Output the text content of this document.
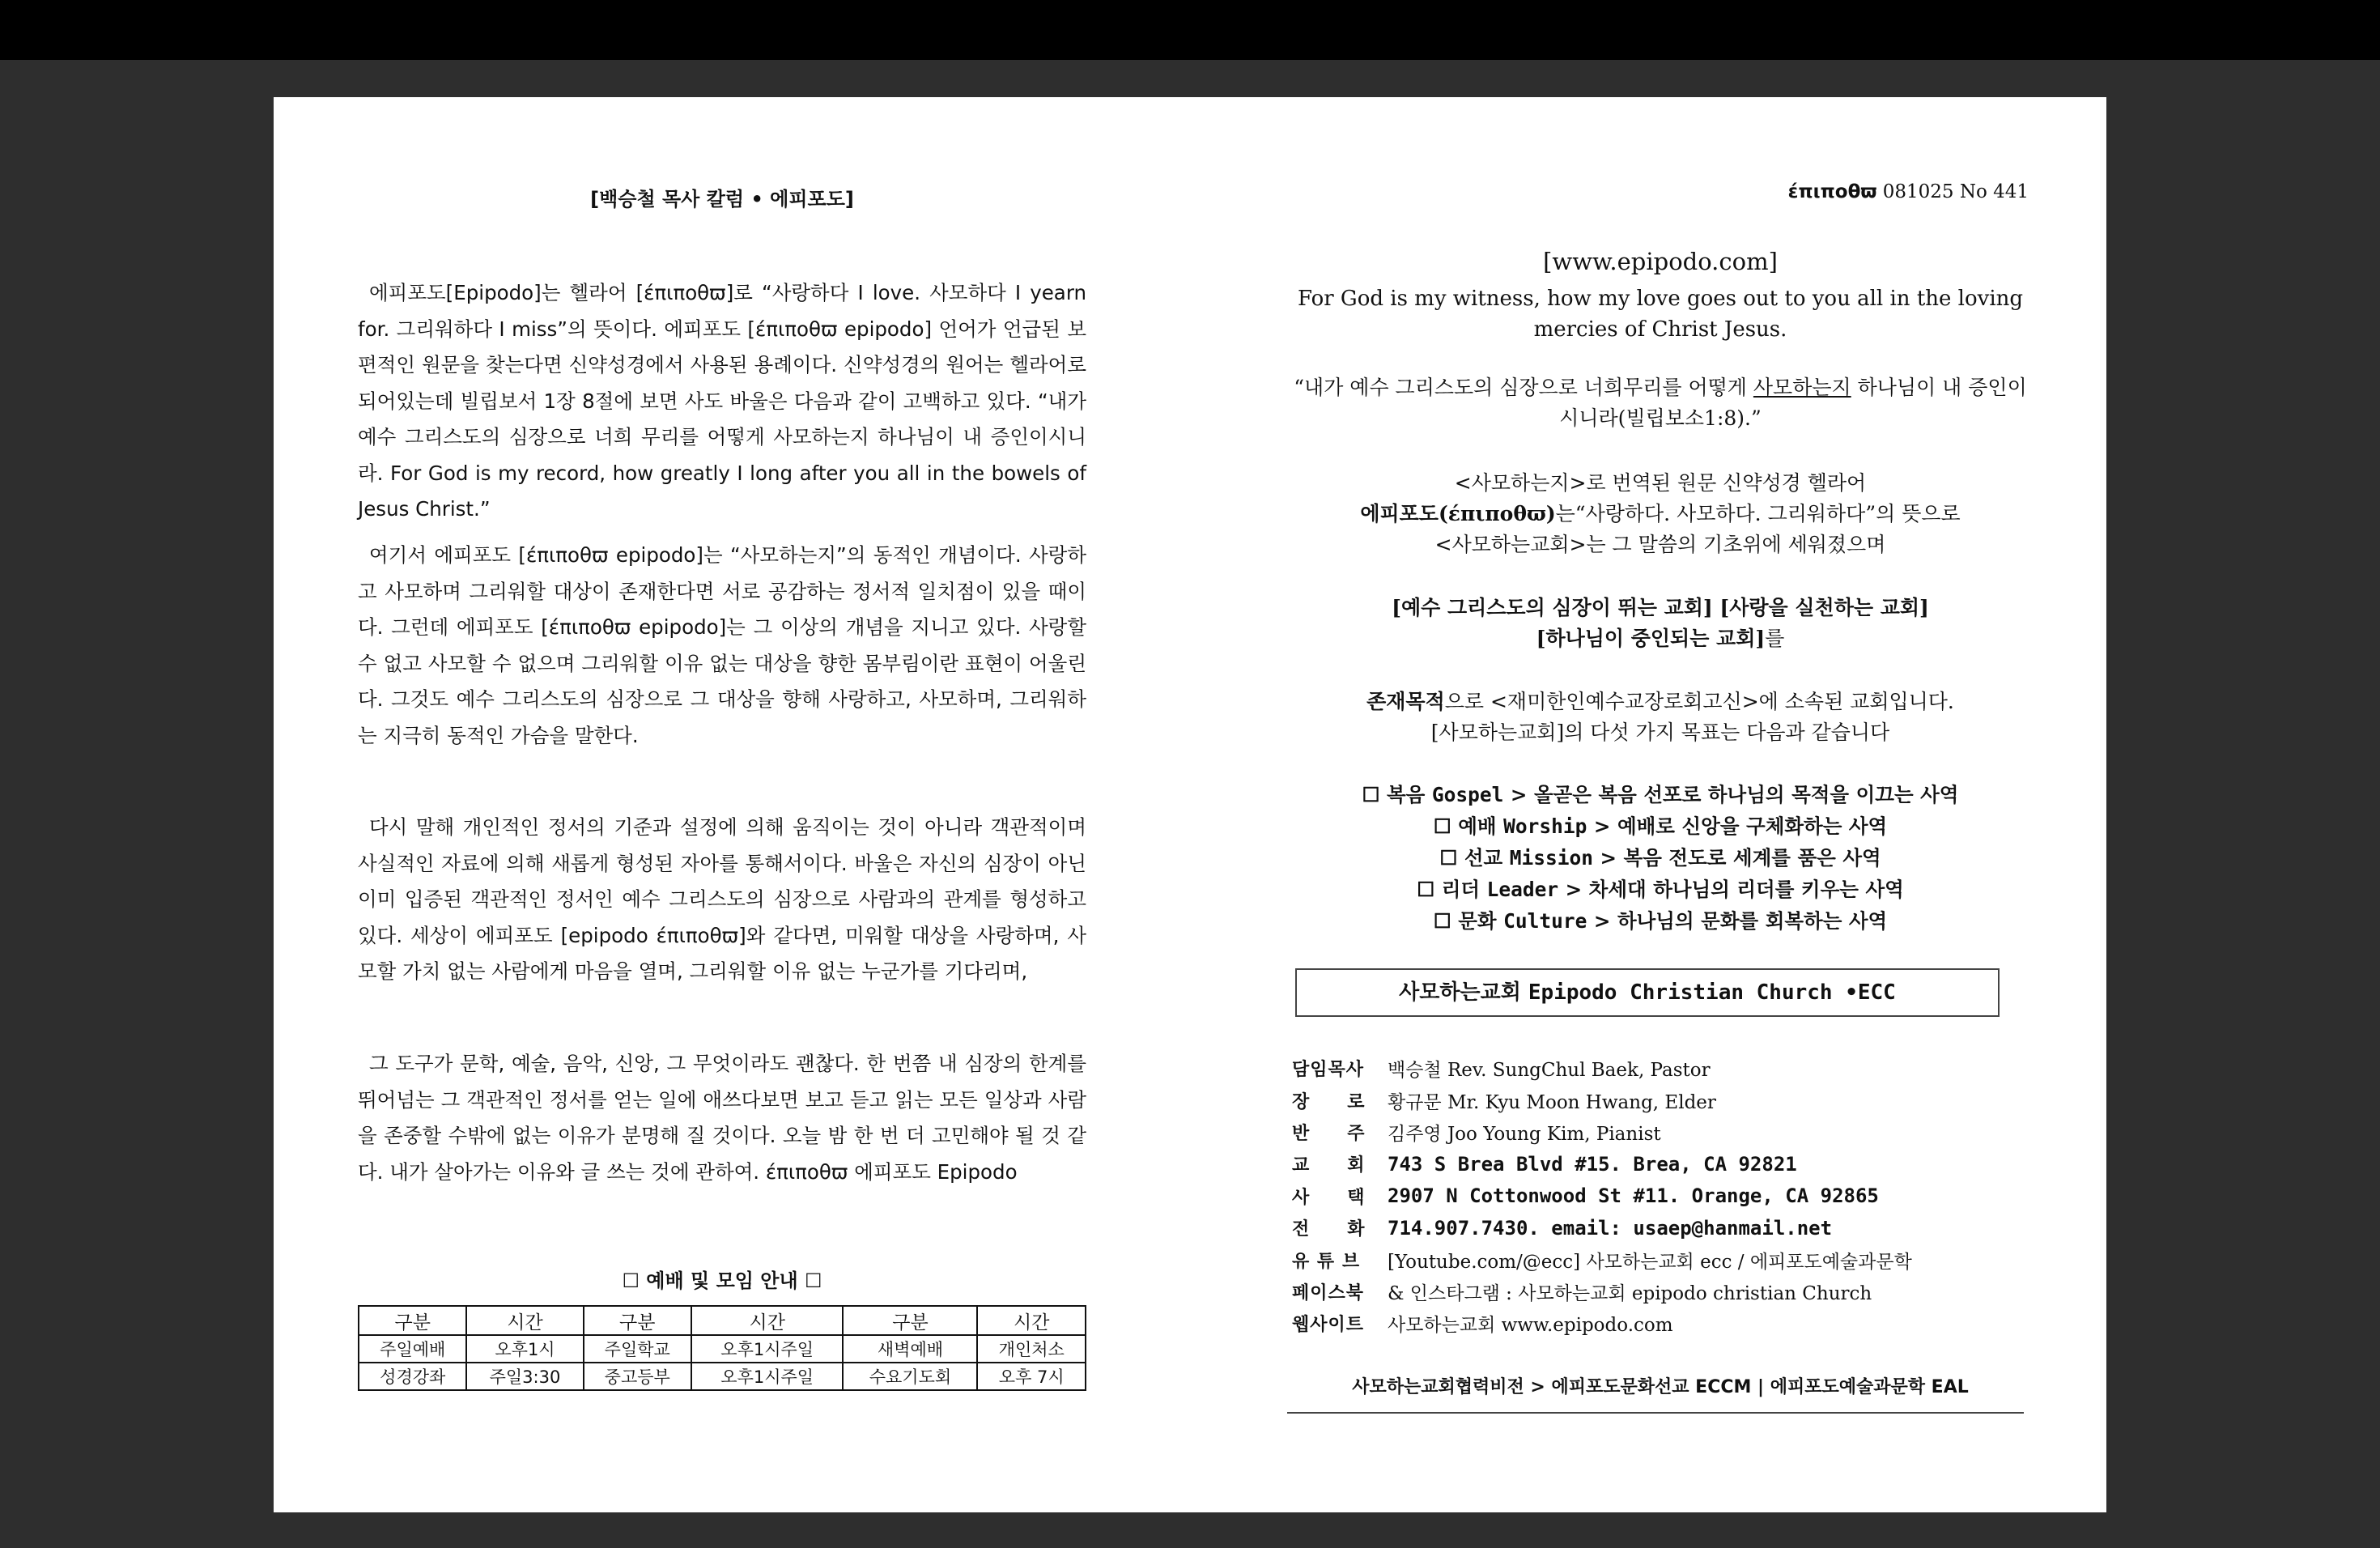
[백승철 목사 칼럼 • 에피포도]

에피포도[Epipodo]는 헬라어 [έπιποθϖ]로 “사랑하다 I love. 사모하다 I yearn for. 그리워하다 I miss”의 뜻이다. 에피포도 [έπιποθϖ epipodo] 언어가 언급된 보편적인 원문을 찾는다면 신약성경에서 사용된 용례이다. 신약성경의 원어는 헬라어로 되어있는데 빌립보서 1장 8절에 보면 사도 바울은 다음과 같이 고백하고 있다. “내가 예수 그리스도의 심장으로 너희 무리를 어떻게 사모하는지 하나님이 내 증인이시니라. For God is my record, how greatly I long after you all in the bowels of Jesus Christ.”

여기서 에피포도 [έπιποθϖ epipodo]는 “사모하는지”의 동적인 개념이다. 사랑하고 사모하며 그리워할 대상이 존재한다면 서로 공감하는 정서적 일치점이 있을 때이다. 그런데 에피포도 [έπιποθϖ epipodo]는 그 이상의 개념을 지니고 있다. 사랑할 수 없고 사모할 수 없으며 그리워할 이유 없는 대상을 향한 몸부림이란 표현이 어울린다. 그것도 예수 그리스도의 심장으로 그 대상을 향해 사랑하고, 사모하며, 그리워하는 지극히 동적인 가슴을 말한다.

다시 말해 개인적인 정서의 기준과 설정에 의해 움직이는 것이 아니라 객관적이며 사실적인 자료에 의해 새롭게 형성된 자아를 통해서이다. 바울은 자신의 심장이 아닌 이미 입증된 객관적인 정서인 예수 그리스도의 심장으로 사람과의 관계를 형성하고 있다. 세상이 에피포도 [epipodo έπιποθϖ]와 같다면, 미워할 대상을 사랑하며, 사모할 가치 없는 사람에게 마음을 열며, 그리워할 이유 없는 누군가를 기다리며,

그 도구가 문학, 예술, 음악, 신앙, 그 무엇이라도 괜찮다. 한 번쯤 내 심장의 한계를 뛰어넘는 그 객관적인 정서를 얻는 일에 애쓰다보면 보고 듣고 읽는 모든 일상과 사람을 존중할 수밖에 없는 이유가 분명해 질 것이다. 오늘 밤 한 번 더 고민해야 될 것 같다. 내가 살아가는 이유와 글 쓰는 것에 관하여. έπιποθϖ 에피포도 Epipodo

☐ 예배 및 모임 안내 ☐
구분	시간	구분	시간	구분	시간
주일예배	오후1시	주일학교	오후1시주일	새벽예배	개인처소
성경강좌	주일3:30	중고등부	오후1시주일	수요기도회	오후 7시
έπιποθϖ 081025 No 441
[www.epipodo.com]
For God is my witness, how my love goes out to you all in the loving mercies of Christ Jesus.
“내가 예수 그리스도의 심장으로 너희무리를 어떻게 사모하는지 하나님이 내 증인이시니라(빌립보소1:8).”
<사모하는지>로 번역된 원문 신약성경 헬라어
에피포도(έπιποθϖ)는“사랑하다. 사모하다. 그리워하다”의 뜻으로
<사모하는교회>는 그 말씀의 기초위에 세워졌으며
[예수 그리스도의 심장이 뛰는 교회] [사랑을 실천하는 교회]
[하나님이 중인되는 교회]를
존재목적으로 <재미한인예수교장로회고신>에 소속된 교회입니다.
[사모하는교회]의 다섯 가지 목표는 다음과 같습니다
☐ 복음 Gospel > 올곧은 복음 선포로 하나님의 목적을 이끄는 사역
☐ 예배 Worship > 예배로 신앙을 구체화하는 사역
☐ 선교 Mission > 복음 전도로 세계를 품은 사역
☐ 리더 Leader > 차세대 하나님의 리더를 키우는 사역
☐ 문화 Culture > 하나님의 문화를 회복하는 사역
사모하는교회 Epipodo Christian Church •ECC
담임목사	백승철 Rev. SungChul Baek, Pastor
장　　로	황규문 Mr. Kyu Moon Hwang, Elder
반　　주	김주영 Joo Young Kim, Pianist
교　　회	743 S Brea Blvd #15. Brea, CA 92821
사　　택	2907 N Cottonwood St #11. Orange, CA 92865
전　　화	714.907.7430. email: usaep@hanmail.net
유 튜 브	[Youtube.com/@ecc] 사모하는교회 ecc / 에피포도예술과문학
페이스북	& 인스타그램 : 사모하는교회 epipodo christian Church
웹사이트	사모하는교회 www.epipodo.com
사모하는교회협력비전 > 에피포도문화선교 ECCM | 에피포도예술과문학 EAL
